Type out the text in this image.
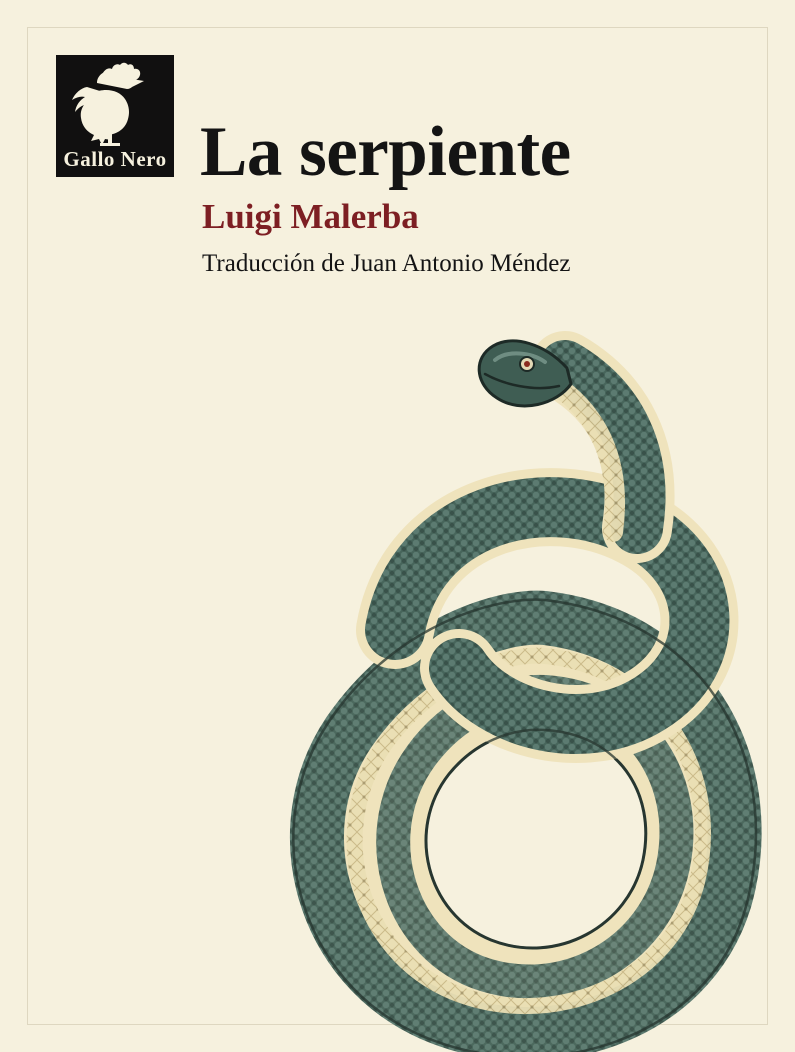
Gallo Nero La serpiente
Luigi Malerba
Traducción de Juan Antonio Méndez
